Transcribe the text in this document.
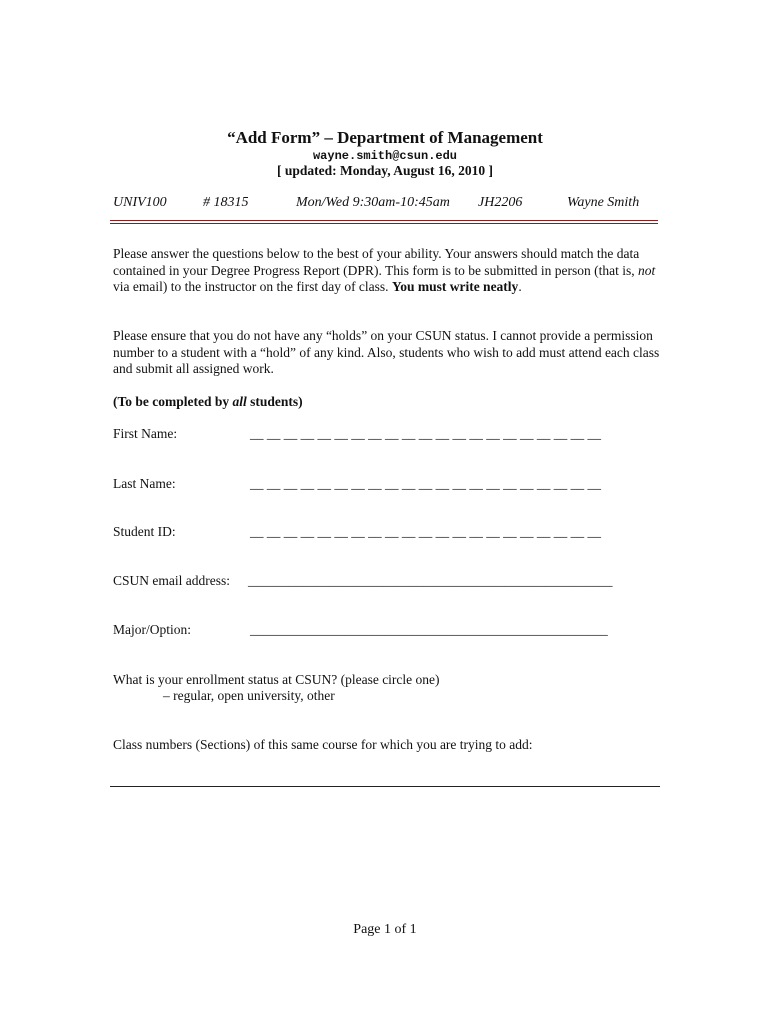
“Add Form” – Department of Management
wayne.smith@csun.edu
[ updated: Monday, August 16, 2010 ]
UNIV100	# 18315	Mon/Wed 9:30am-10:45am JH2206	Wayne Smith
Please answer the questions below to the best of your ability. Your answers should match the data contained in your Degree Progress Report (DPR). This form is to be submitted in person (that is, not via email) to the instructor on the first day of class. You must write neatly.
Please ensure that you do not have any “holds” on your CSUN status. I cannot provide a permission number to a student with a “hold” of any kind. Also, students who wish to add must attend each class and submit all assigned work.
(To be completed by all students)
First Name:	__ __ __ __ __ __ __ __ __ __ __ __ __ __ __ __ __ __ __ __ __
Last Name:	__ __ __ __ __ __ __ __ __ __ __ __ __ __ __ __ __ __ __ __ __
Student ID:	__ __ __ __ __ __ __ __ __ __ __ __ __ __ __ __ __ __ __ __ __
CSUN email address: ______________________________________________________
Major/Option:	_____________________________________________________
What is your enrollment status at CSUN? (please circle one)
– regular, open university, other
Class numbers (Sections) of this same course for which you are trying to add:
Page 1 of 1
